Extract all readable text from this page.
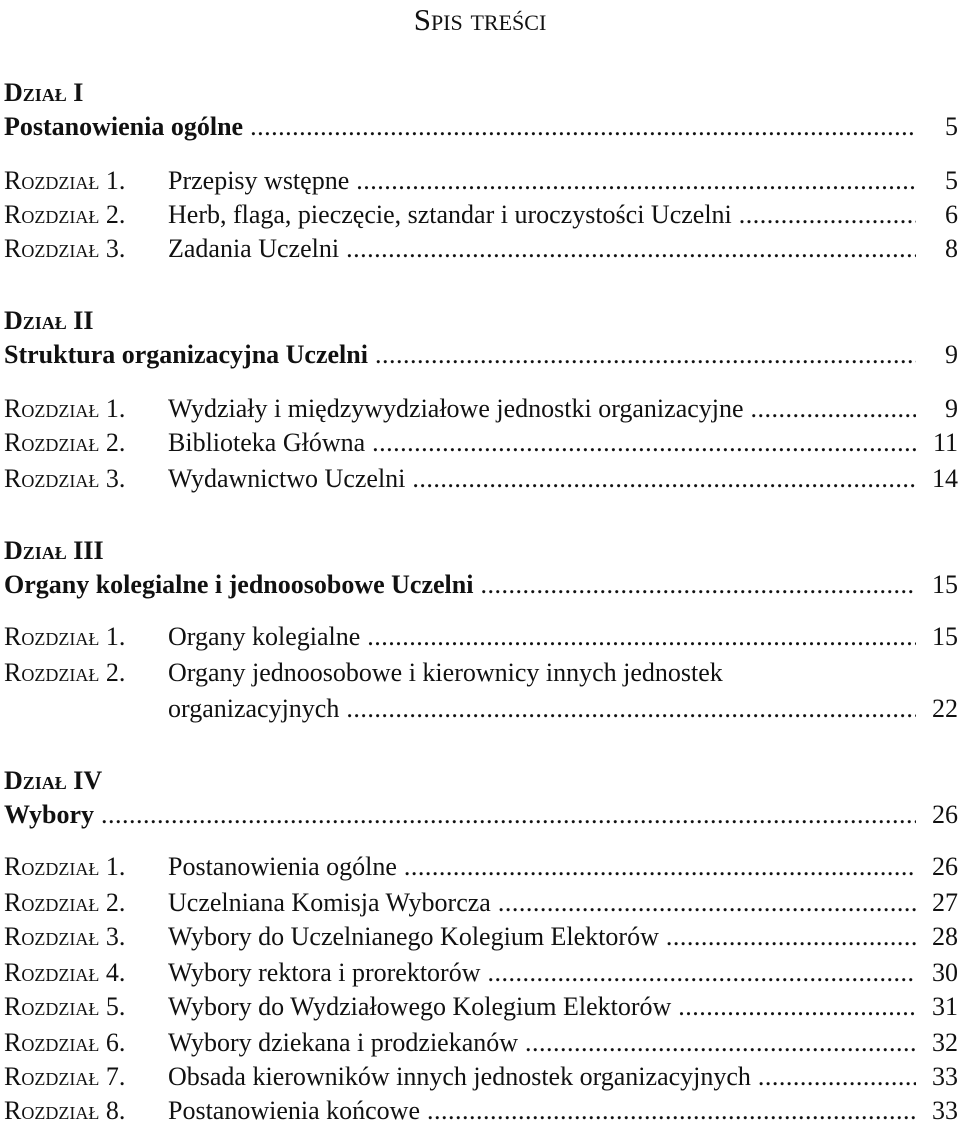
Spis treści
Dział I
Postanowienia ogólne .....	5
Rozdział 1. Przepisy wstępne .....	5
Rozdział 2. Herb, flaga, pieczęcie, sztandar i uroczystości Uczelni .....	6
Rozdział 3. Zadania Uczelni .....	8
Dział II
Struktura organizacyjna Uczelni .....	9
Rozdział 1. Wydziały i międzywydziałowe jednostki organizacyjne .....	9
Rozdział 2. Biblioteka Główna .....	11
Rozdział 3. Wydawnictwo Uczelni .....	14
Dział III
Organy kolegialne i jednoosobowe Uczelni .....	15
Rozdział 1. Organy kolegialne .....	15
Rozdział 2. Organy jednoosobowe i kierownicy innych jednostek
organizacyjnych .....	22
Dział IV
Wybory .....	26
Rozdział 1. Postanowienia ogólne .....	26
Rozdział 2. Uczelniana Komisja Wyborcza .....	27
Rozdział 3. Wybory do Uczelnianego Kolegium Elektorów .....	28
Rozdział 4. Wybory rektora i prorektorów .....	30
Rozdział 5. Wybory do Wydziałowego Kolegium Elektorów .....	31
Rozdział 6. Wybory dziekana i prodziekanów .....	32
Rozdział 7. Obsada kierowników innych jednostek organizacyjnych .....	33
Rozdział 8. Postanowienia końcowe .....	33
